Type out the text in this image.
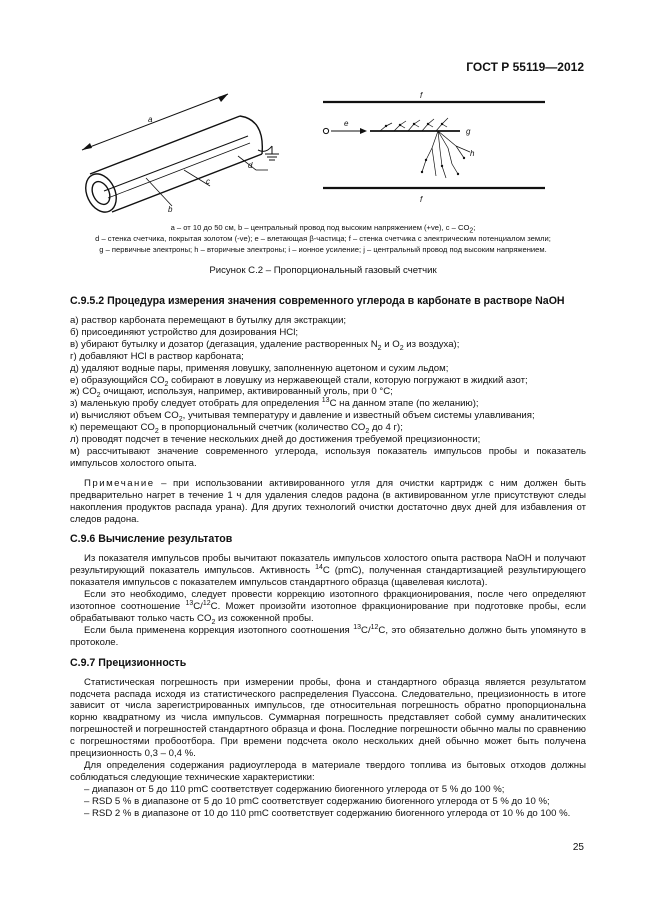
ГОСТ Р 55119—2012
a
b
c
d
f
e
g
h
f
a – от 10 до 50 см, b – центральный провод под высоким напряжением (+ve), c – $CO_2$;
d – стенка счетчика, покрытая золотом (-ve); e – влетающая β-частица; f – стенка счетчика с электрическим потенциалом земли;
g – первичные электроны; h – вторичные электроны; i – ионное усиление; j – центральный провод под высоким напряжением.
Рисунок С.2 – Пропорциональный газовый счетчик

С.9.5.2 Процедура измерения значения современного углерода в карбонате в растворе NaOH

а) раствор карбоната перемещают в бутылку для экстракции;

б) присоединяют устройство для дозирования HCl;

в) убирают бутылку и дозатор (дегазация, удаление растворенных $N_2$ и $O_2$ из воздуха);

г) добавляют HCl в раствор карбоната;

д) удаляют водные пары, применяя ловушку, заполненную ацетоном и сухим льдом;

е) образующийся $CO_2$ собирают в ловушку из нержавеющей стали, которую погружают в жидкий азот;

ж) $CO_2$ очищают, используя, например, активированный уголь, при 0 °С;

з) маленькую пробу следует отобрать для определения $^{13}$С на данном этапе (по желанию);

и) вычисляют объем $CO_2$, учитывая температуру и давление и известный объем системы улавливания;

к) перемещают $CO_2$ в пропорциональный счетчик (количество $CO_2$ до 4 г);

л) проводят подсчет в течение нескольких дней до достижения требуемой прецизионности;

м) рассчитывают значение современного углерода, используя показатель импульсов пробы и показатель импульсов холостого опыта.

Примечание – при использовании активированного угля для очистки картридж с ним должен быть предварительно нагрет в течение 1 ч для удаления следов радона (в активированном угле присутствуют следы накопления продуктов распада урана). Для других технологий очистки достаточно двух дней для избавления от следов радона.

С.9.6 Вычисление результатов

Из показателя импульсов пробы вычитают показатель импульсов холостого опыта раствора NaOH и получают результирующий показатель импульсов. Активность $^{14}$С (pmC), полученная стандартизацией результирующего показателя импульсов с показателем импульсов стандартного образца (щавелевая кислота).

Если это необходимо, следует провести коррекцию изотопного фракционирования, после чего определяют изотопное соотношение $^{13}$С/$^{12}$С. Может произойти изотопное фракционирование при подготовке пробы, если обрабатывают только часть $CO_2$ из сожженной пробы.

Если была применена коррекция изотопного соотношения $^{13}$С/$^{12}$С, это обязательно должно быть упомянуто в протоколе.

С.9.7 Прецизионность

Статистическая погрешность при измерении пробы, фона и стандартного образца является результатом подсчета распада исходя из статистического распределения Пуассона. Следовательно, прецизионность в итоге зависит от числа зарегистрированных импульсов, где относительная погрешность обратно пропорциональна корню квадратному из числа импульсов. Суммарная погрешность представляет собой сумму аналитических погрешностей и погрешностей стандартного образца и фона. Последние погрешности обычно малы по сравнению с погрешностями пробоотбора. При времени подсчета около нескольких дней обычно может быть получена прецизионность 0,3 – 0,4 %.

Для определения содержания радиоуглерода в материале твердого топлива из бытовых отходов должны соблюдаться следующие технические характеристики:

– диапазон от 5 до 110 pmC соответствует содержанию биогенного углерода от 5 % до 100 %;

– RSD 5 % в диапазоне от 5 до 10 pmC соответствует содержанию биогенного углерода от 5 % до 10 %;

– RSD 2 % в диапазоне от 10 до 110 pmC соответствует содержанию биогенного углерода от 10 % до 100 %.

25
